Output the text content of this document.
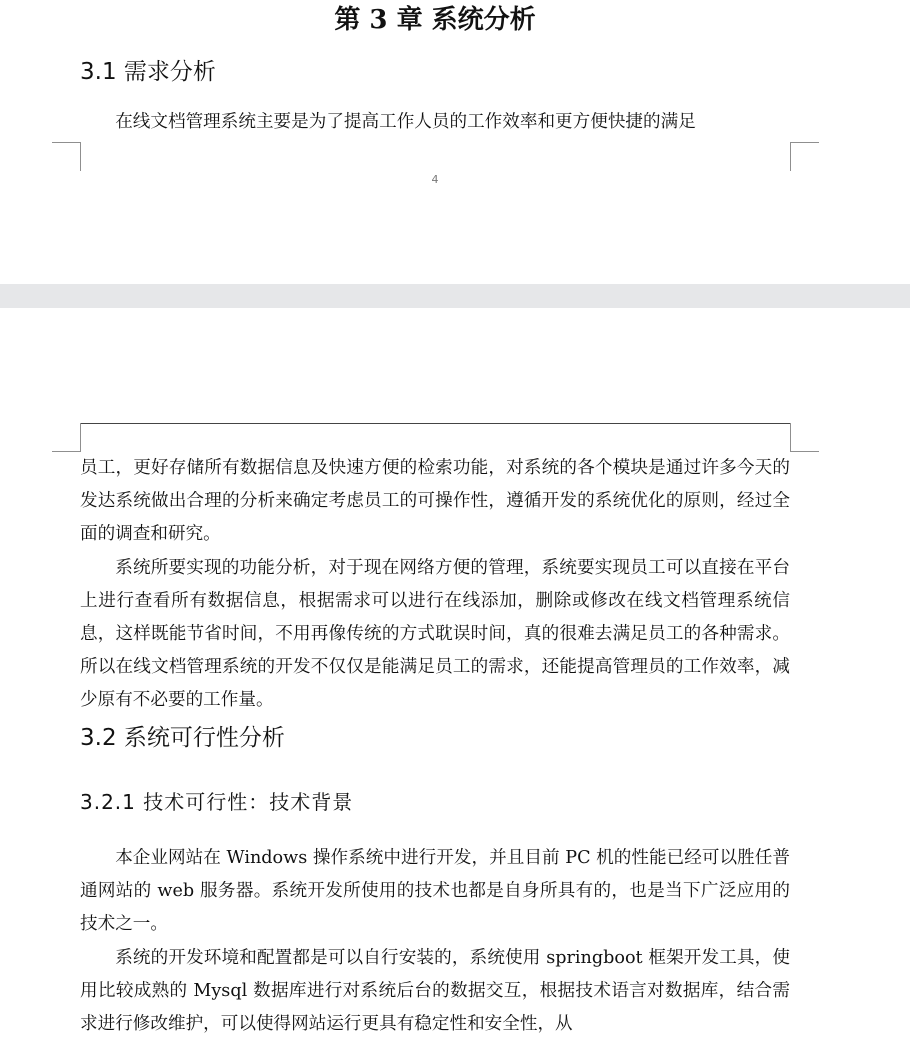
第 3 章 系统分析
3.1 需求分析

在线文档管理系统主要是为了提高工作人员的工作效率和更方便快捷的满足

4

员工，更好存储所有数据信息及快速方便的检索功能，对系统的各个模块是通过许多今天的发达系统做出合理的分析来确定考虑员工的可操作性，遵循开发的系统优化的原则，经过全面的调查和研究。

系统所要实现的功能分析，对于现在网络方便的管理，系统要实现员工可以直接在平台上进行查看所有数据信息，根据需求可以进行在线添加，删除或修改在线文档管理系统信息，这样既能节省时间，不用再像传统的方式耽误时间，真的很难去满足员工的各种需求。所以在线文档管理系统的开发不仅仅是能满足员工的需求，还能提高管理员的工作效率，减少原有不必要的工作量。

3.2 系统可行性分析
3.2.1 技术可行性：技术背景

本企业网站在 Windows 操作系统中进行开发，并且目前 PC 机的性能已经可以胜任普通网站的 web 服务器。系统开发所使用的技术也都是自身所具有的，也是当下广泛应用的技术之一。

系统的开发环境和配置都是可以自行安装的，系统使用 springboot 框架开发工具，使用比较成熟的 Mysql 数据库进行对系统后台的数据交互，根据技术语言对数据库，结合需求进行修改维护，可以使得网站运行更具有稳定性和安全性，从
